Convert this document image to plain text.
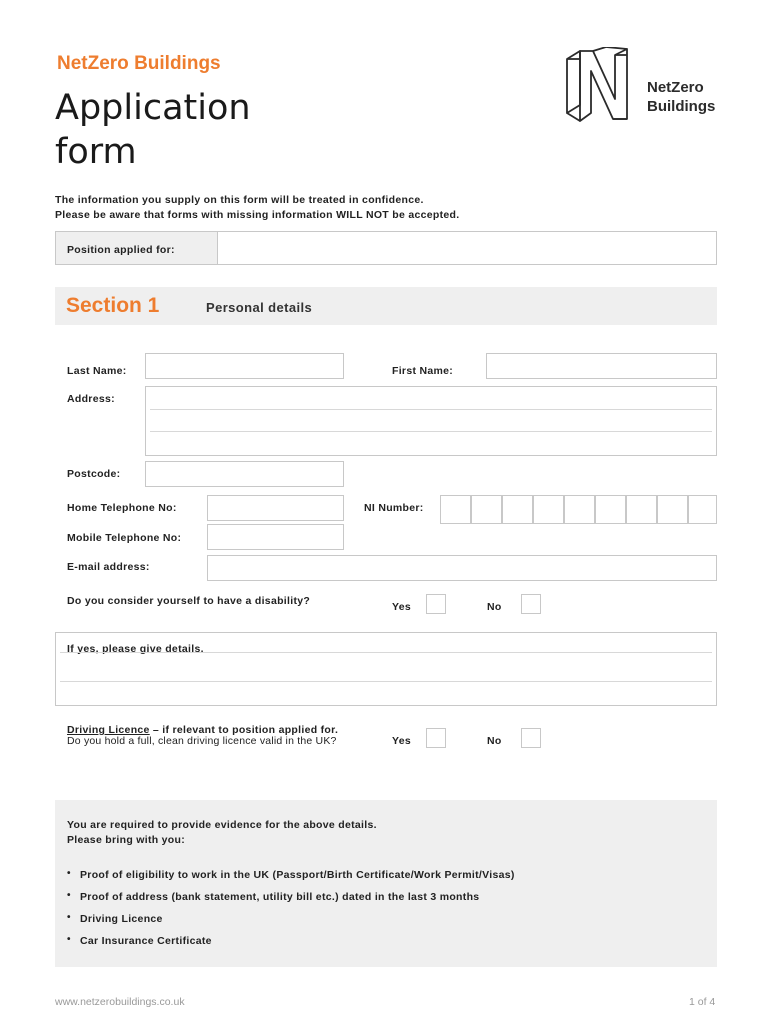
NetZero Buildings
Application
form
NetZero
Buildings
The information you supply on this form will be treated in confidence.
Please be aware that forms with missing information WILL NOT be accepted.
Position applied for:
Section 1	Personal details
Last Name:	First Name:
Address:
Postcode:
Home Telephone No:	NI Number:
Mobile Telephone No:
E-mail address:
Do you consider yourself to have a disability?	Yes	No
If yes, please give details.
Driving Licence – if relevant to position applied for.
Do you hold a full, clean driving licence valid in the UK?	Yes	No
You are required to provide evidence for the above details.
Please bring with you:
• Proof of eligibility to work in the UK (Passport/Birth Certificate/Work Permit/Visas)
• Proof of address (bank statement, utility bill etc.) dated in the last 3 months
• Driving Licence
• Car Insurance Certificate
www.netzerobuildings.co.uk	1 of 4
